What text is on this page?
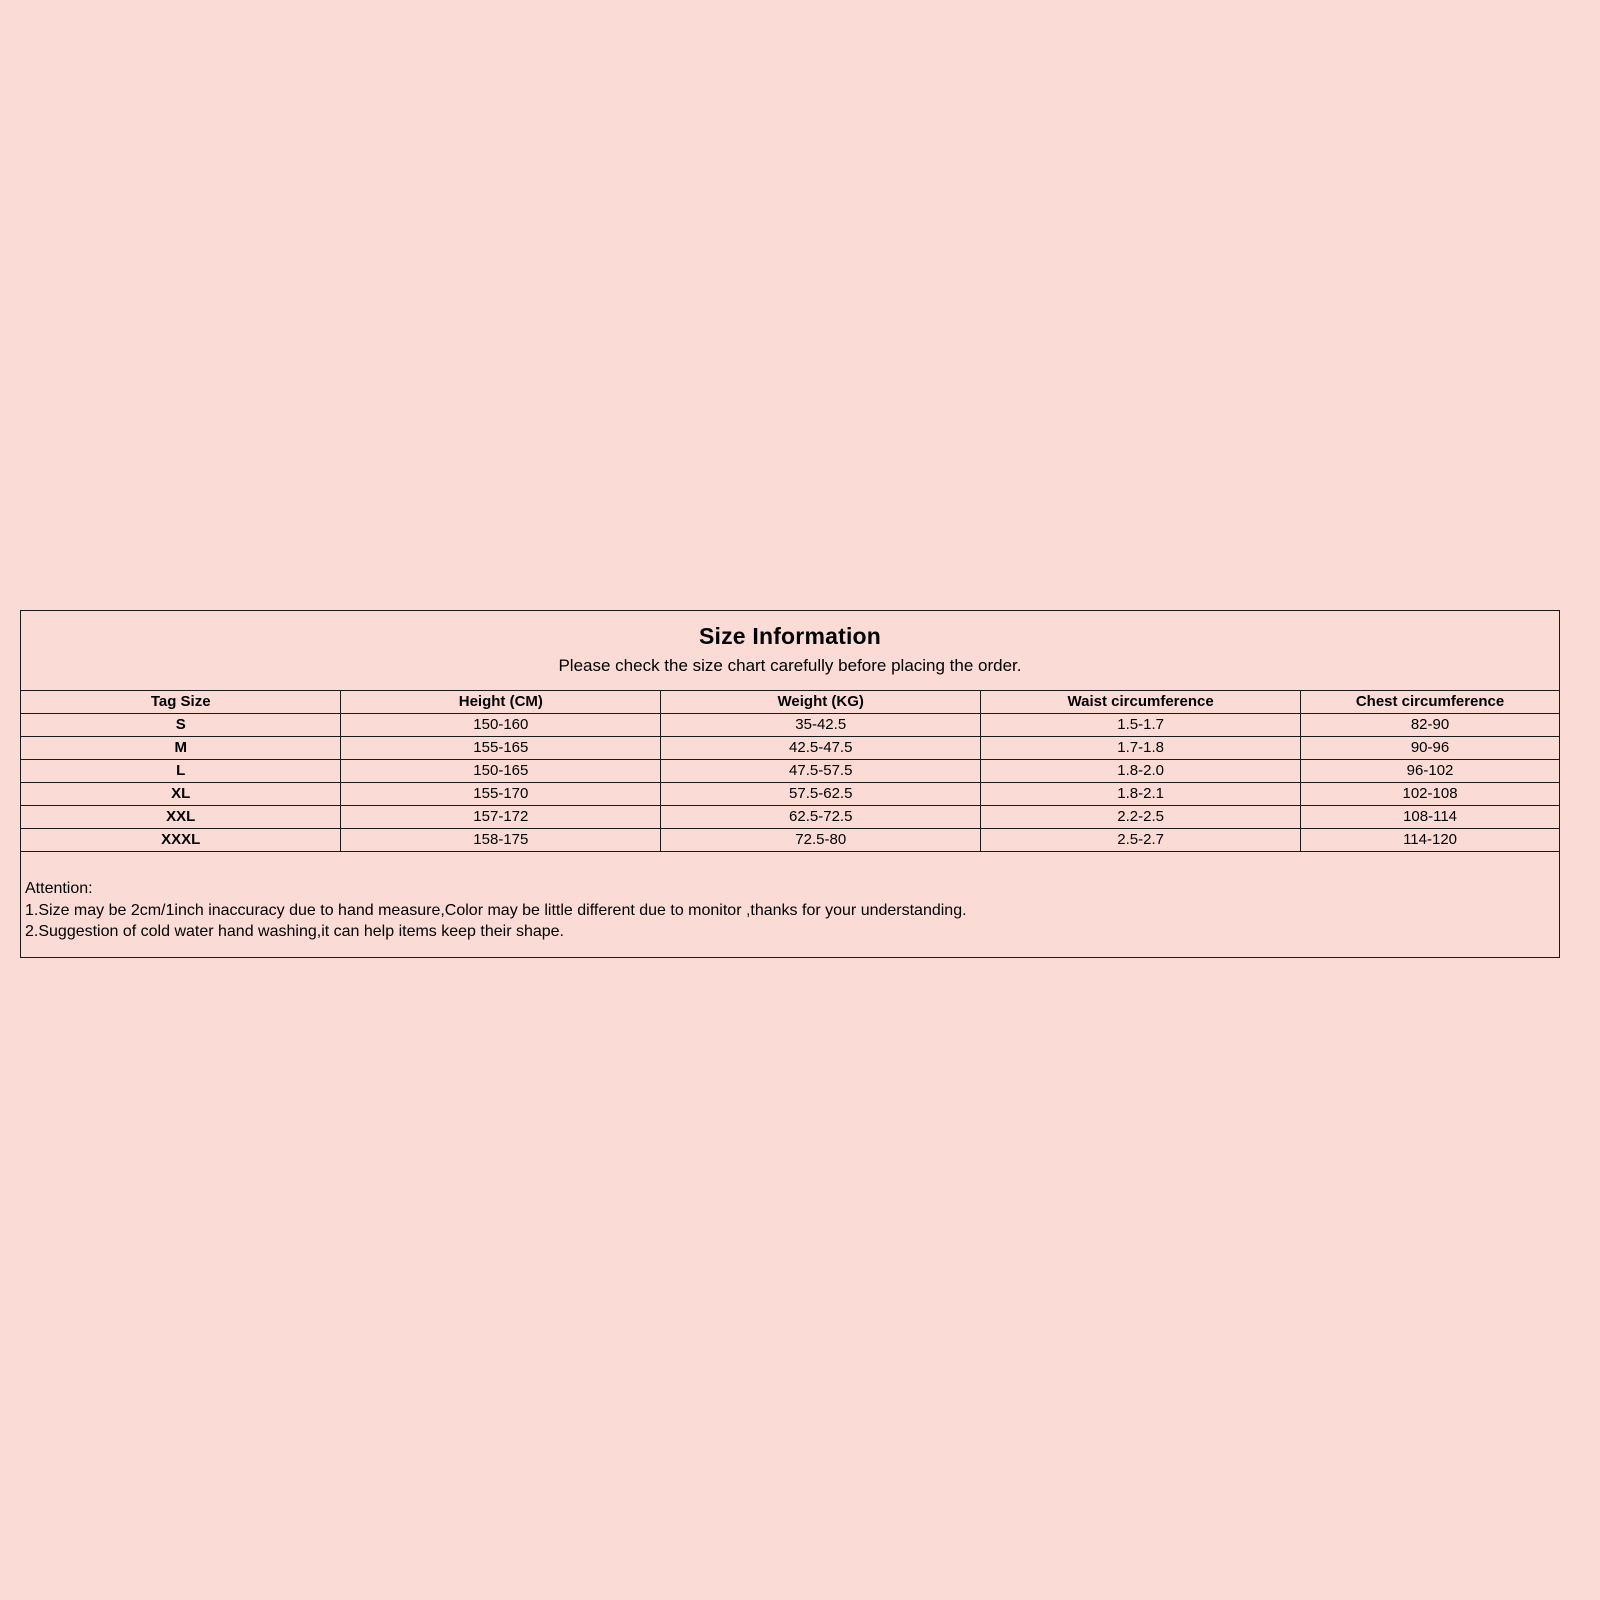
Size Information
Please check the size chart carefully before placing the order.
Tag Size	Height (CM)	Weight (KG)	Waist circumference	Chest circumference
S	150-160	35-42.5	1.5-1.7	82-90
M	155-165	42.5-47.5	1.7-1.8	90-96
L	150-165	47.5-57.5	1.8-2.0	96-102
XL	155-170	57.5-62.5	1.8-2.1	102-108
XXL	157-172	62.5-72.5	2.2-2.5	108-114
XXXL	158-175	72.5-80	2.5-2.7	114-120
Attention:
1.Size may be 2cm/1inch inaccuracy due to hand measure,Color may be little different due to monitor ,thanks for your understanding.
2.Suggestion of cold water hand washing,it can help items keep their shape.
